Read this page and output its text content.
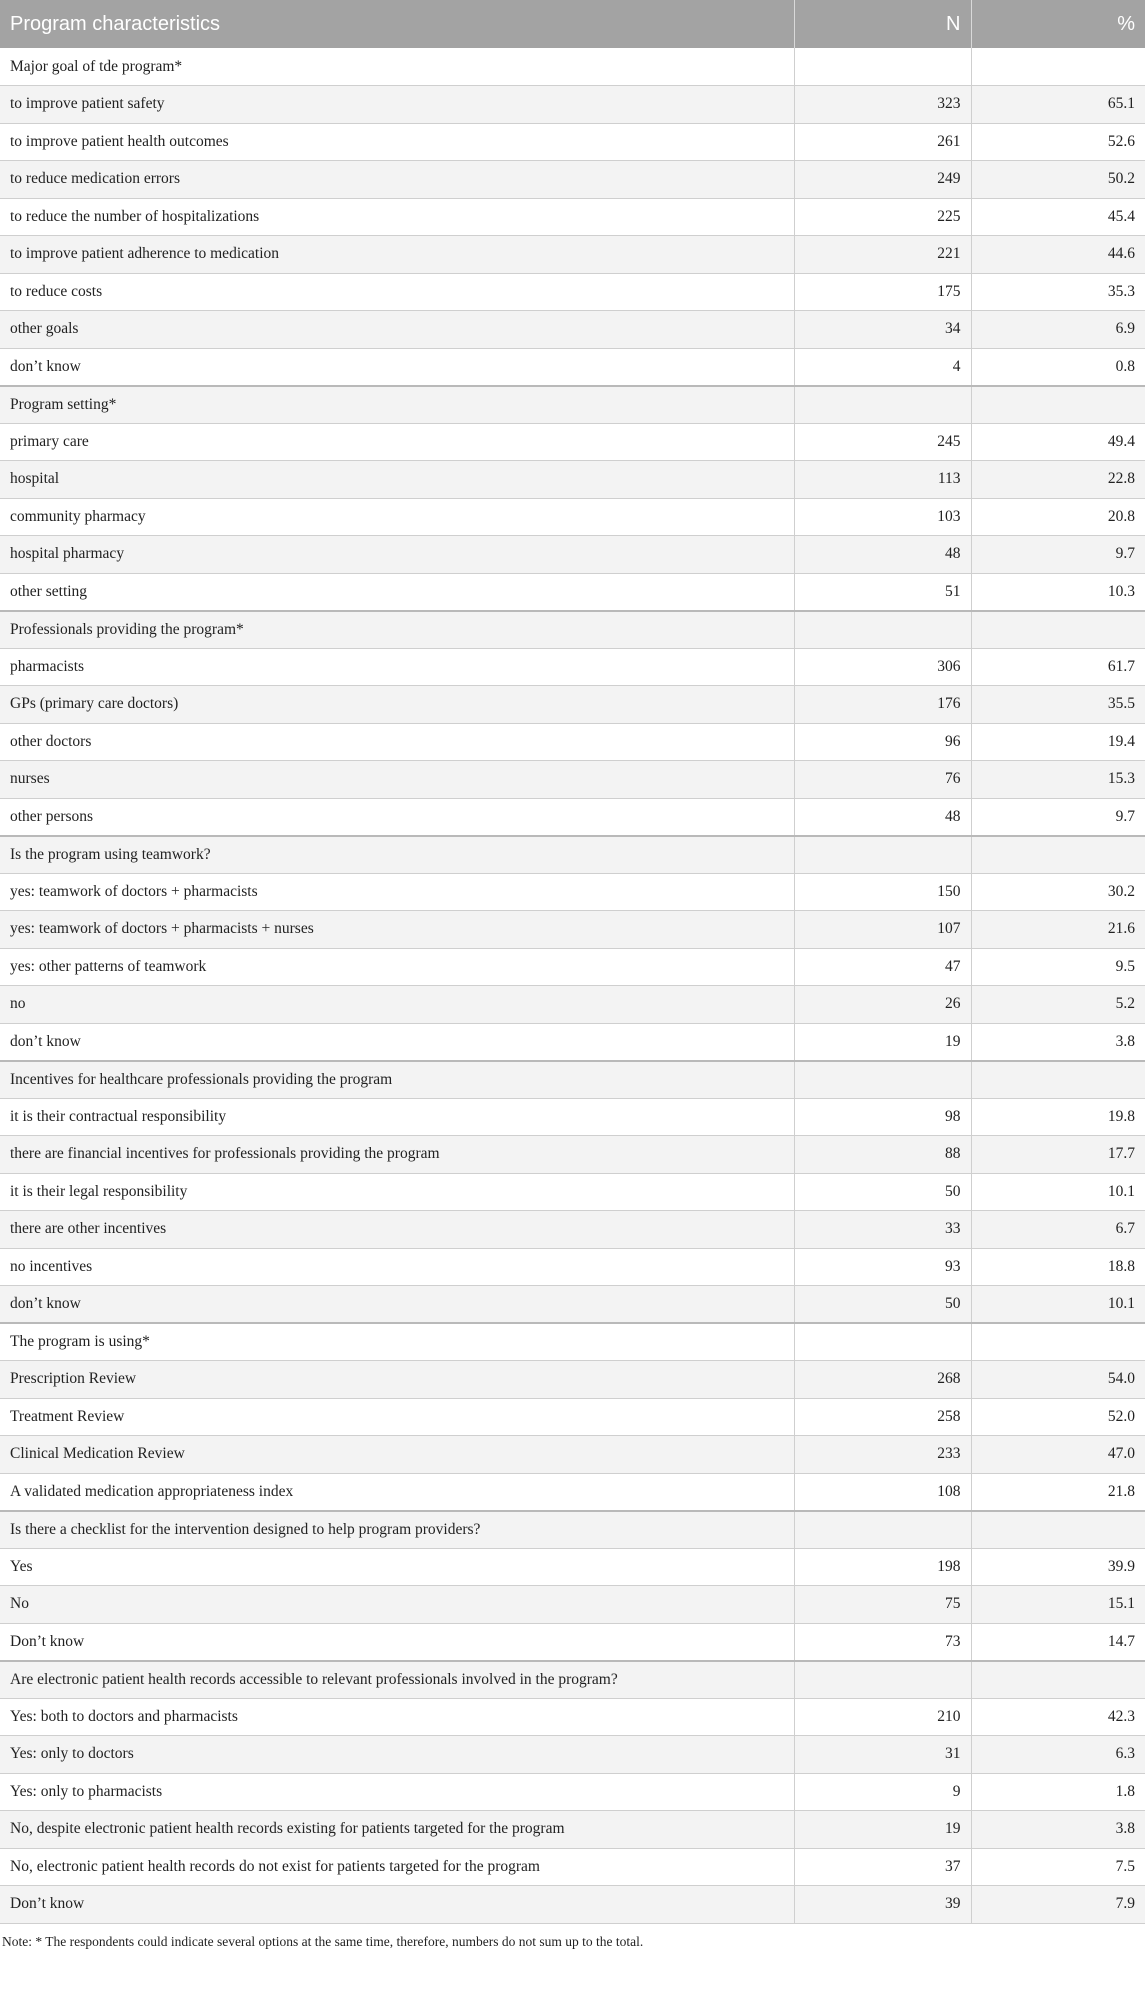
Program characteristics	N	%
Major goal of tde program*		
to improve patient safety	323	65.1
to improve patient health outcomes	261	52.6
to reduce medication errors	249	50.2
to reduce the number of hospitalizations	225	45.4
to improve patient adherence to medication	221	44.6
to reduce costs	175	35.3
other goals	34	6.9
don’t know	4	0.8
Program setting*		
primary care	245	49.4
hospital	113	22.8
community pharmacy	103	20.8
hospital pharmacy	48	9.7
other setting	51	10.3
Professionals providing the program*		
pharmacists	306	61.7
GPs (primary care doctors)	176	35.5
other doctors	96	19.4
nurses	76	15.3
other persons	48	9.7
Is the program using teamwork?		
yes: teamwork of doctors + pharmacists	150	30.2
yes: teamwork of doctors + pharmacists + nurses	107	21.6
yes: other patterns of teamwork	47	9.5
no	26	5.2
don’t know	19	3.8
Incentives for healthcare professionals providing the program		
it is their contractual responsibility	98	19.8
there are financial incentives for professionals providing the program	88	17.7
it is their legal responsibility	50	10.1
there are other incentives	33	6.7
no incentives	93	18.8
don’t know	50	10.1
The program is using*		
Prescription Review	268	54.0
Treatment Review	258	52.0
Clinical Medication Review	233	47.0
A validated medication appropriateness index	108	21.8
Is there a checklist for the intervention designed to help program providers?		
Yes	198	39.9
No	75	15.1
Don’t know	73	14.7
Are electronic patient health records accessible to relevant professionals involved in the program?		
Yes: both to doctors and pharmacists	210	42.3
Yes: only to doctors	31	6.3
Yes: only to pharmacists	9	1.8
No, despite electronic patient health records existing for patients targeted for the program	19	3.8
No, electronic patient health records do not exist for patients targeted for the program	37	7.5
Don’t know	39	7.9
Note: * The respondents could indicate several options at the same time, therefore, numbers do not sum up to the total.
